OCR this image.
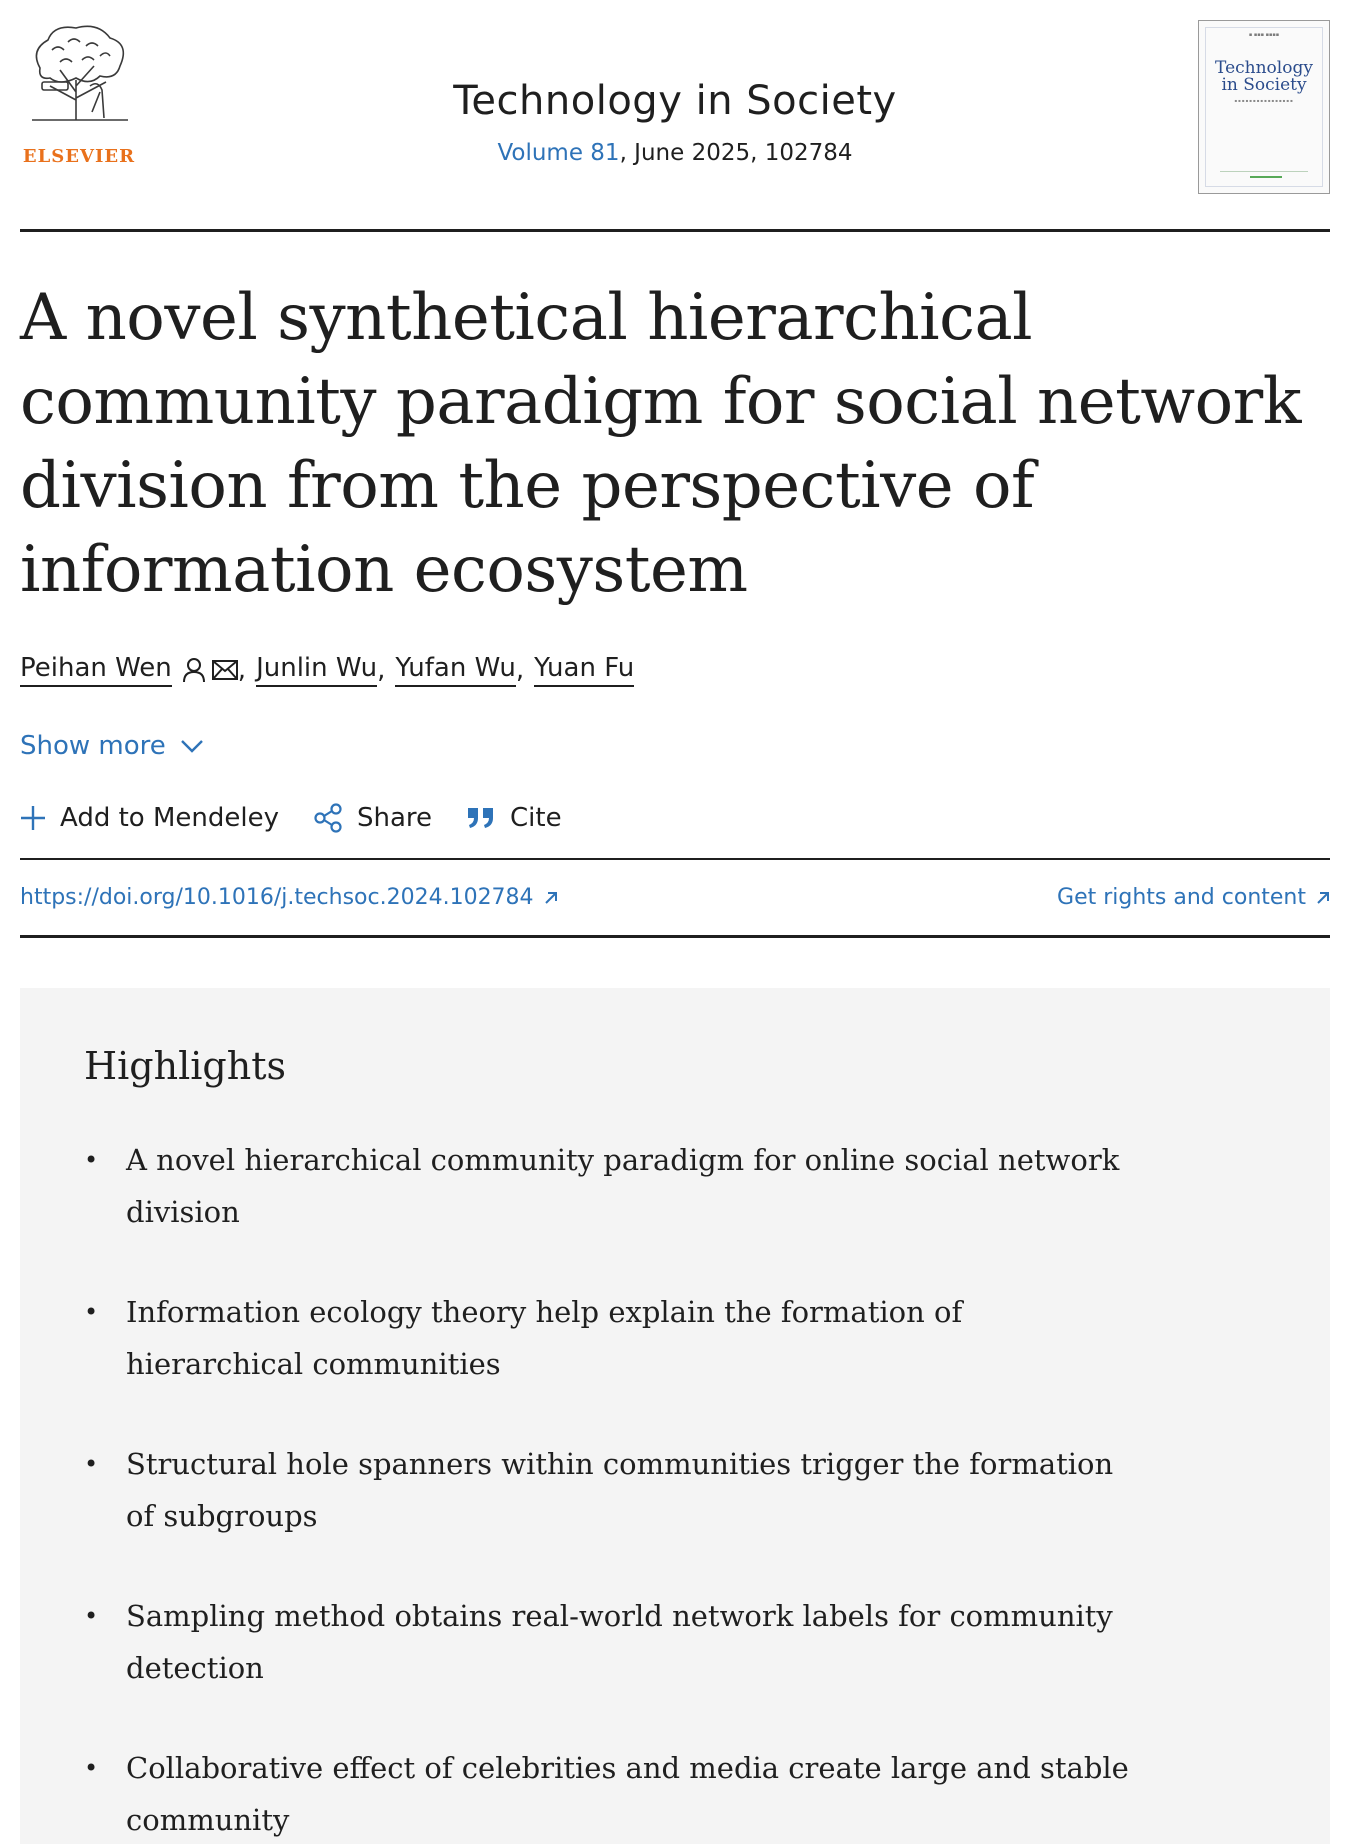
ELSEVIER
Technology in Society
Volume 81, June 2025, 102784
▪ ▪▪▪ ▪▪▪▪
Technology in Society
▪▪▪▪▪▪▪▪▪▪▪▪▪▪▪▪
A novel synthetical hierarchical community paradigm for social network division from the perspective of information ecosystem
Peihan Wen	, Junlin Wu , Yufan Wu , Yuan Fu
Show more
Add to Mendeley	Share	Cite
https://doi.org/10.1016/j.techsoc.2024.102784	Get rights and content
Highlights
• A novel hierarchical community paradigm for online social network division
• Information ecology theory help explain the formation of hierarchical communities
• Structural hole spanners within communities trigger the formation of subgroups
• Sampling method obtains real-world network labels for community detection
• Collaborative effect of celebrities and media create large and stable community
